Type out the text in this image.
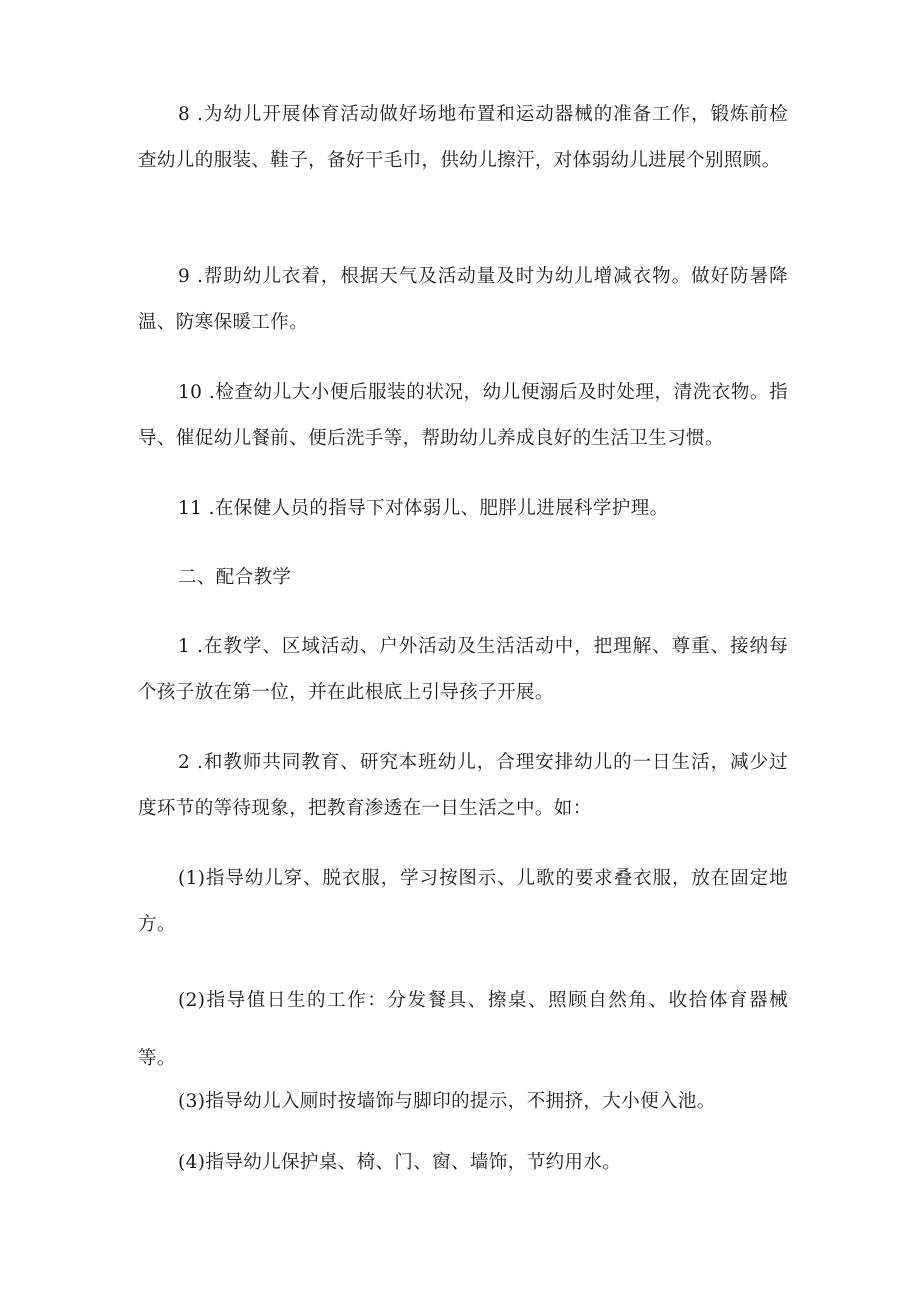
8 .为幼儿开展体育活动做好场地布置和运动器械的准备工作，锻炼前检查幼儿的服装、鞋子，备好干毛巾，供幼儿擦汗，对体弱幼儿进展个别照顾。

9 .帮助幼儿衣着，根据天气及活动量及时为幼儿增减衣物。做好防暑降温、防寒保暖工作。

10 .检查幼儿大小便后服装的状况，幼儿便溺后及时处理，清洗衣物。指导、催促幼儿餐前、便后洗手等，帮助幼儿养成良好的生活卫生习惯。

11 .在保健人员的指导下对体弱儿、肥胖儿进展科学护理。

二、配合教学

1 .在教学、区域活动、户外活动及生活活动中，把理解、尊重、接纳每个孩子放在第一位，并在此根底上引导孩子开展。

2 .和教师共同教育、研究本班幼儿，合理安排幼儿的一日生活，减少过度环节的等待现象，把教育渗透在一日生活之中。如：

(1)指导幼儿穿、脱衣服，学习按图示、儿歌的要求叠衣服，放在固定地方。

(2)指导值日生的工作：分发餐具、擦桌、照顾自然角、收拾体育器械等。

(3)指导幼儿入厕时按墙饰与脚印的提示，不拥挤，大小便入池。

(4)指导幼儿保护桌、椅、门、窗、墙饰，节约用水。
